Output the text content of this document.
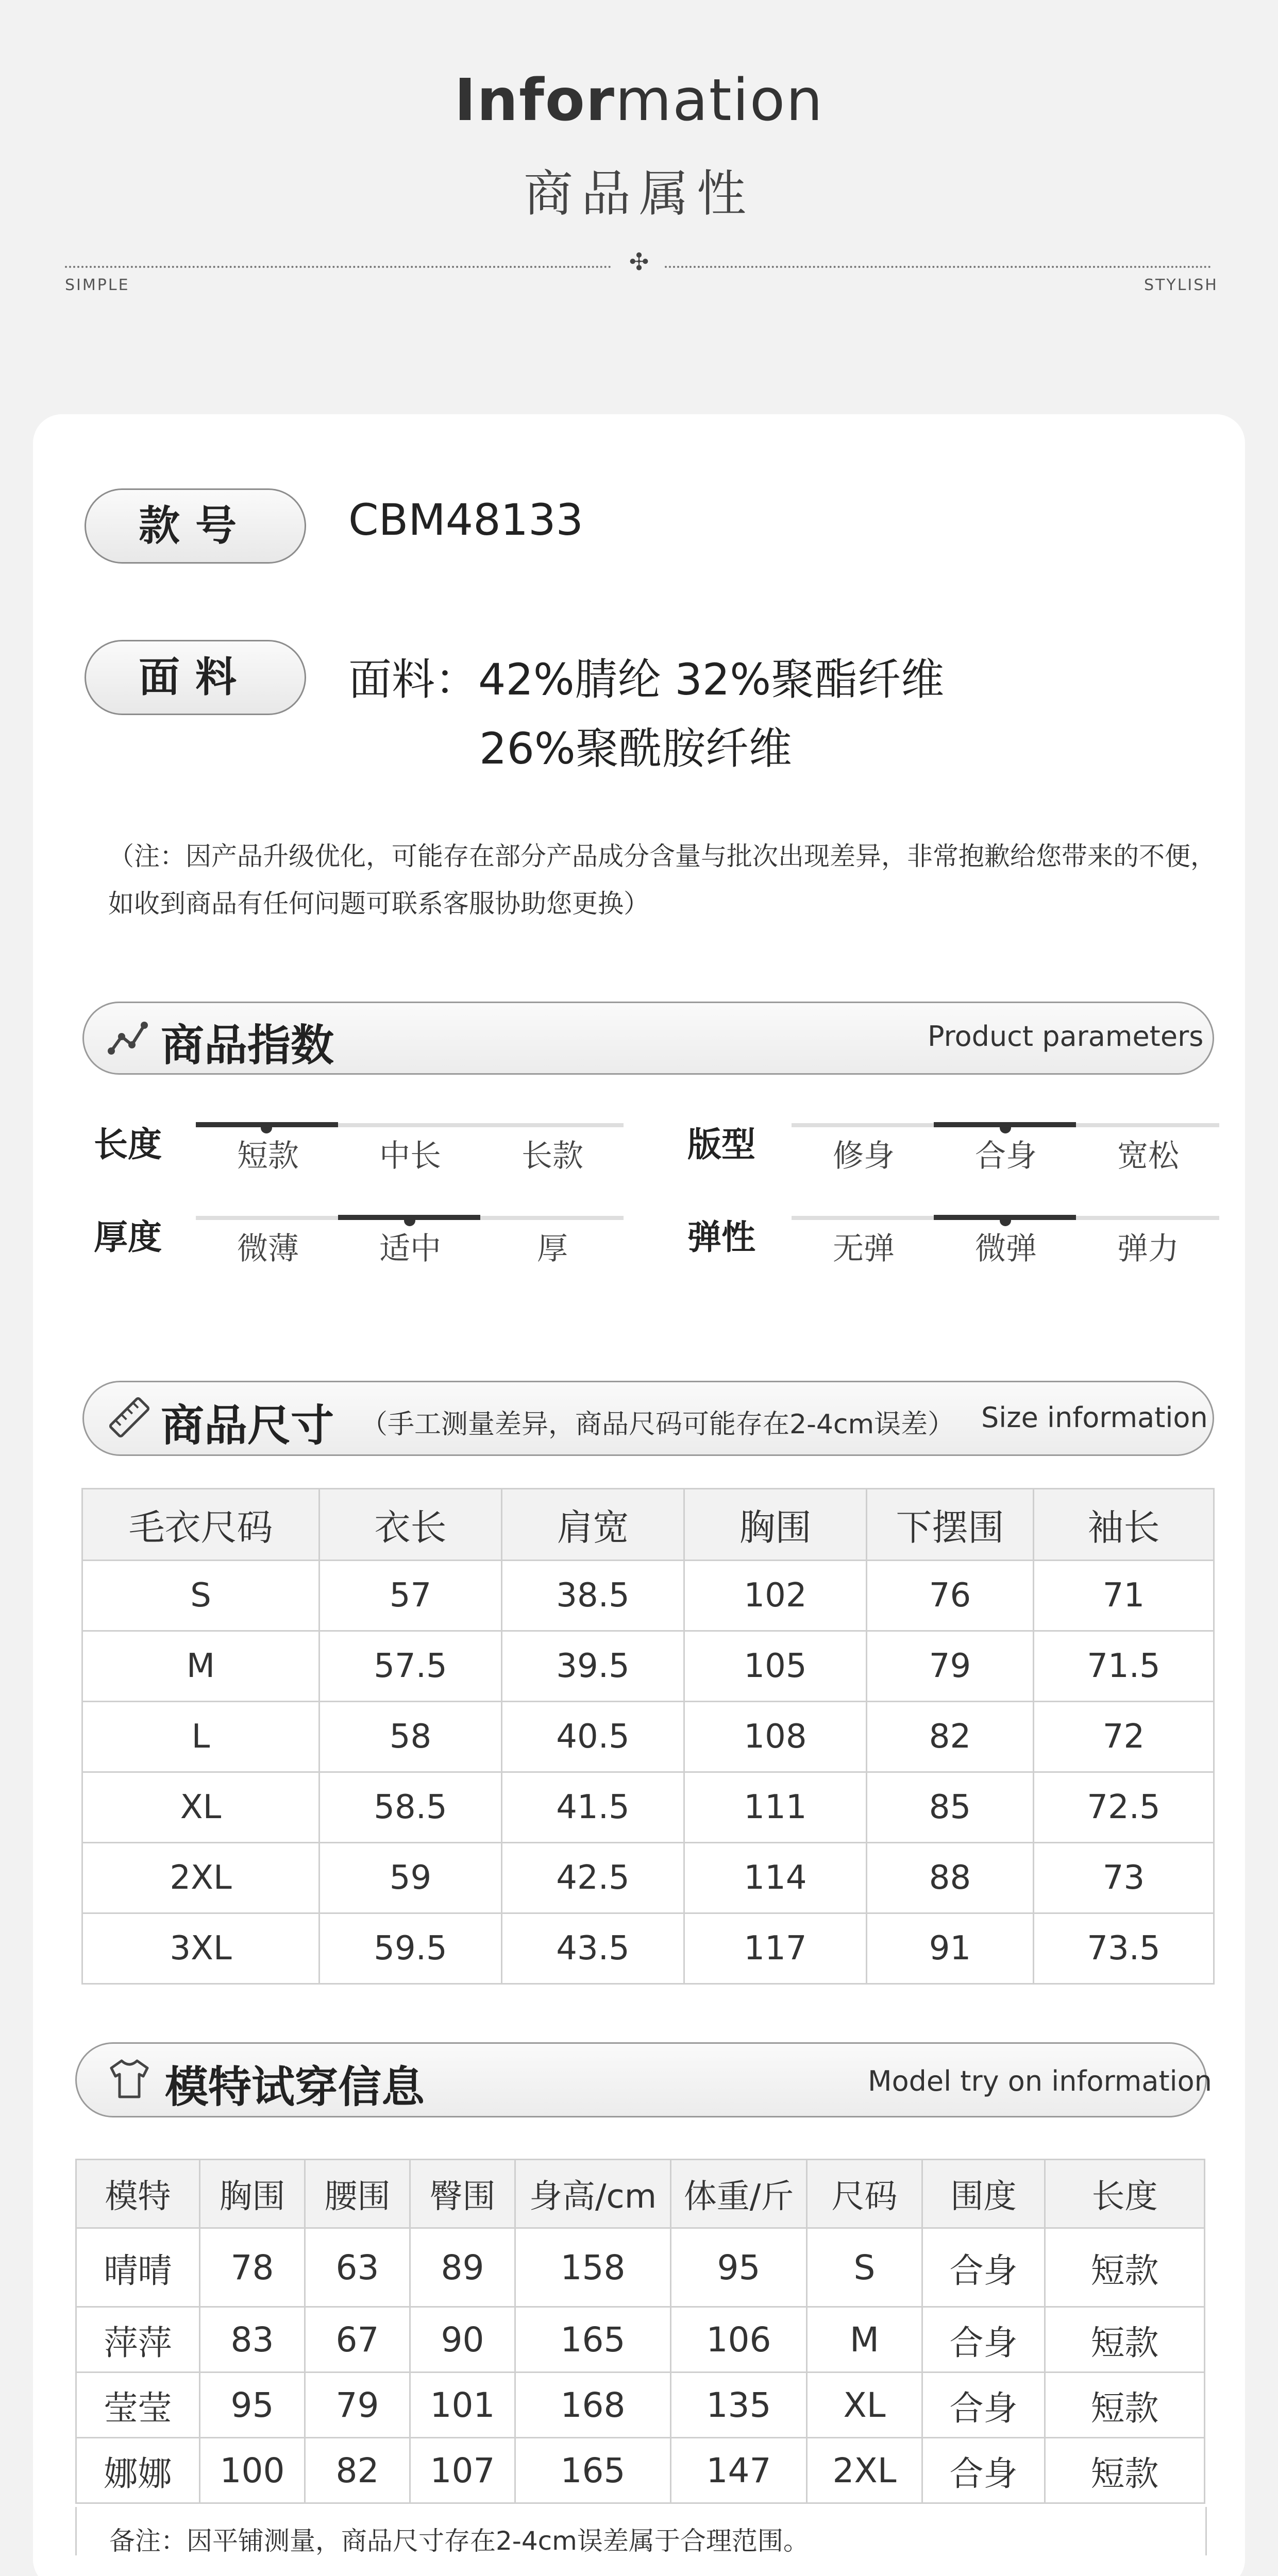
Information
商品属性
✣
SIMPLE	STYLISH
款号	CBM48133
面料	面料：42%腈纶 32%聚酯纤维
26%聚酰胺纤维
（注：因产品升级优化，可能存在部分产品成分含量与批次出现差异，非常抱歉给您带来的不便，
如收到商品有任何问题可联系客服协助您更换）
商品指数	Product parameters
长度	短款	中长	长款	版型	修身	合身	宽松
厚度	微薄	适中	厚	弹性	无弹	微弹	弹力
商品尺寸 （手工测量差异，商品尺码可能存在2-4cm误差） Size information
毛衣尺码	衣长	肩宽	胸围	下摆围	袖长
S	57	38.5	102	76	71
M	57.5	39.5	105	79	71.5
L	58	40.5	108	82	72
XL	58.5	41.5	111	85	72.5
2XL	59	42.5	114	88	73
3XL	59.5	43.5	117	91	73.5
模特试穿信息	Model try on information
模特	胸围	腰围	臀围	身高/cm	体重/斤	尺码	围度	长度
晴晴	78	63	89	158	95	S	合身	短款
萍萍	83	67	90	165	106	M	合身	短款
莹莹	95	79	101	168	135	XL	合身	短款
娜娜	100	82	107	165	147	2XL	合身	短款
备注：因平铺测量，商品尺寸存在2-4cm误差属于合理范围。
